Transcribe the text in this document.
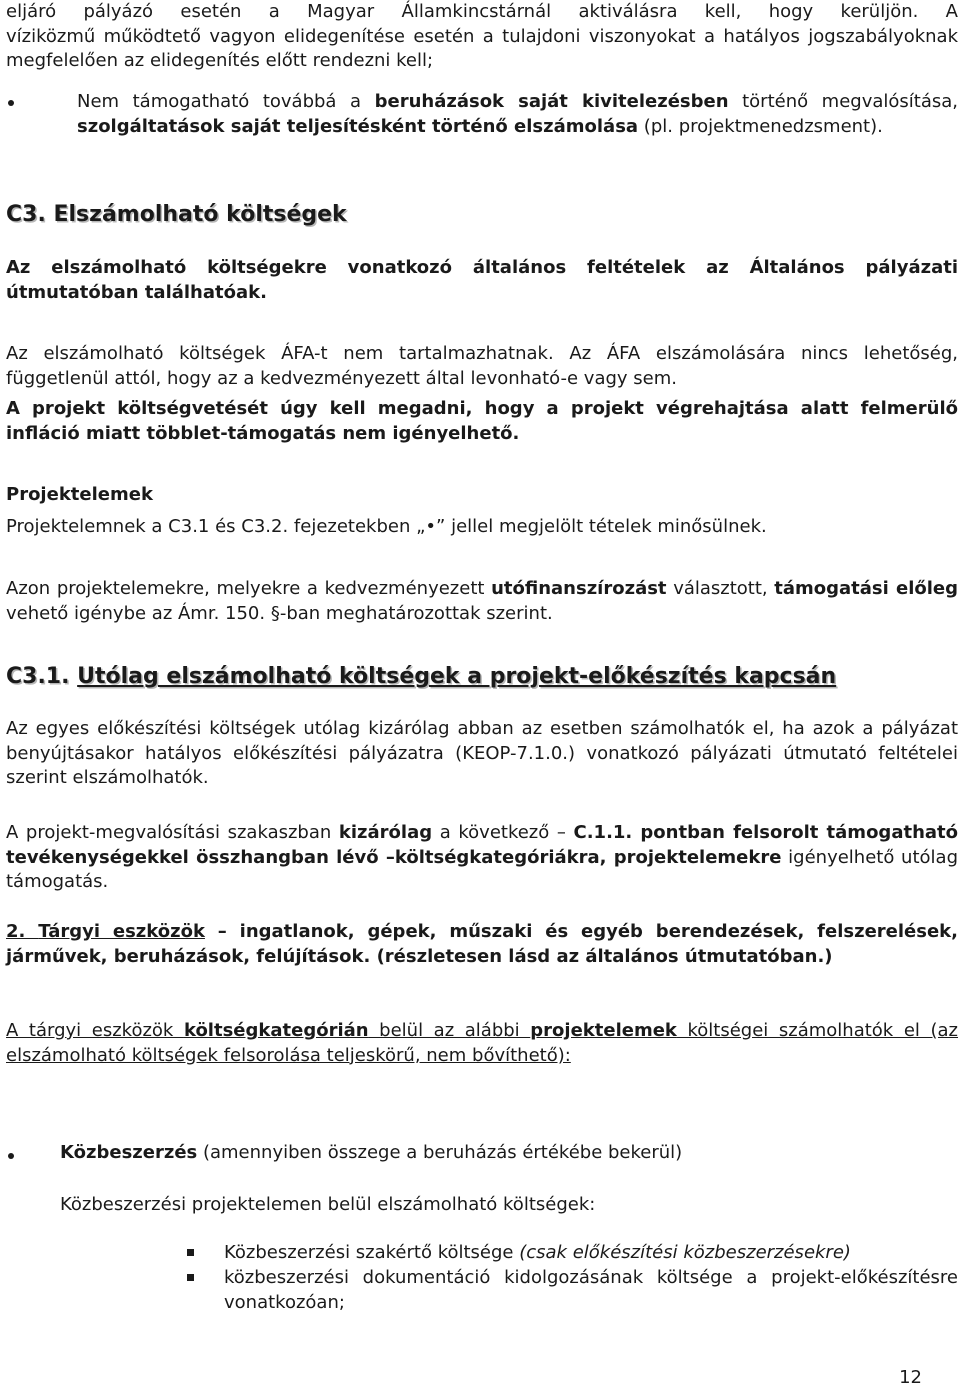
eljáró pályázó esetén a Magyar Államkincstárnál aktiválásra kell, hogy kerüljön. A

víziközmű működtető vagyon elidegenítése esetén a tulajdoni viszonyokat a hatályos jogszabályoknak megfelelően az elidegenítés előtt rendezni kell;

Nem támogatható továbbá a beruházások saját kivitelezésben történő megvalósítása, szolgáltatások saját teljesítésként történő elszámolása (pl. projektmenedzsment).

C3. Elszámolható költségek

Az elszámolható költségekre vonatkozó általános feltételek az Általános pályázati útmutatóban találhatóak.

Az elszámolható költségek ÁFA-t nem tartalmazhatnak. Az ÁFA elszámolására nincs lehetőség, függetlenül attól, hogy az a kedvezményezett által levonható-e vagy sem.

A projekt költségvetését úgy kell megadni, hogy a projekt végrehajtása alatt felmerülő infláció miatt többlet-támogatás nem igényelhető.

Projektelemek

Projektelemnek a C3.1 és C3.2. fejezetekben „•” jellel megjelölt tételek minősülnek.

Azon projektelemekre, melyekre a kedvezményezett utófinanszírozást választott, támogatási előleg vehető igénybe az Ámr. 150. §-ban meghatározottak szerint.

C3.1. Utólag elszámolható költségek a projekt-előkészítés kapcsán

Az egyes előkészítési költségek utólag kizárólag abban az esetben számolhatók el, ha azok a pályázat benyújtásakor hatályos előkészítési pályázatra (KEOP-7.1.0.) vonatkozó pályázati útmutató feltételei szerint elszámolhatók.

A projekt-megvalósítási szakaszban kizárólag a következő – C.1.1. pontban felsorolt támogatható tevékenységekkel összhangban lévő –költségkategóriákra, projektelemekre igényelhető utólag támogatás.

2. Tárgyi eszközök – ingatlanok, gépek, műszaki és egyéb berendezések, felszerelések, járművek, beruházások, felújítások. (részletesen lásd az általános útmutatóban.)

A tárgyi eszközök költségkategórián belül az alábbi projektelemek költségei számolhatók el (az elszámolható költségek felsorolása teljeskörű, nem bővíthető):

Közbeszerzés (amennyiben összege a beruházás értékébe bekerül)

Közbeszerzési projektelemen belül elszámolható költségek:

Közbeszerzési szakértő költsége (csak előkészítési közbeszerzésekre)

közbeszerzési dokumentáció kidolgozásának költsége a projekt-előkészítésre vonatkozóan;

12
